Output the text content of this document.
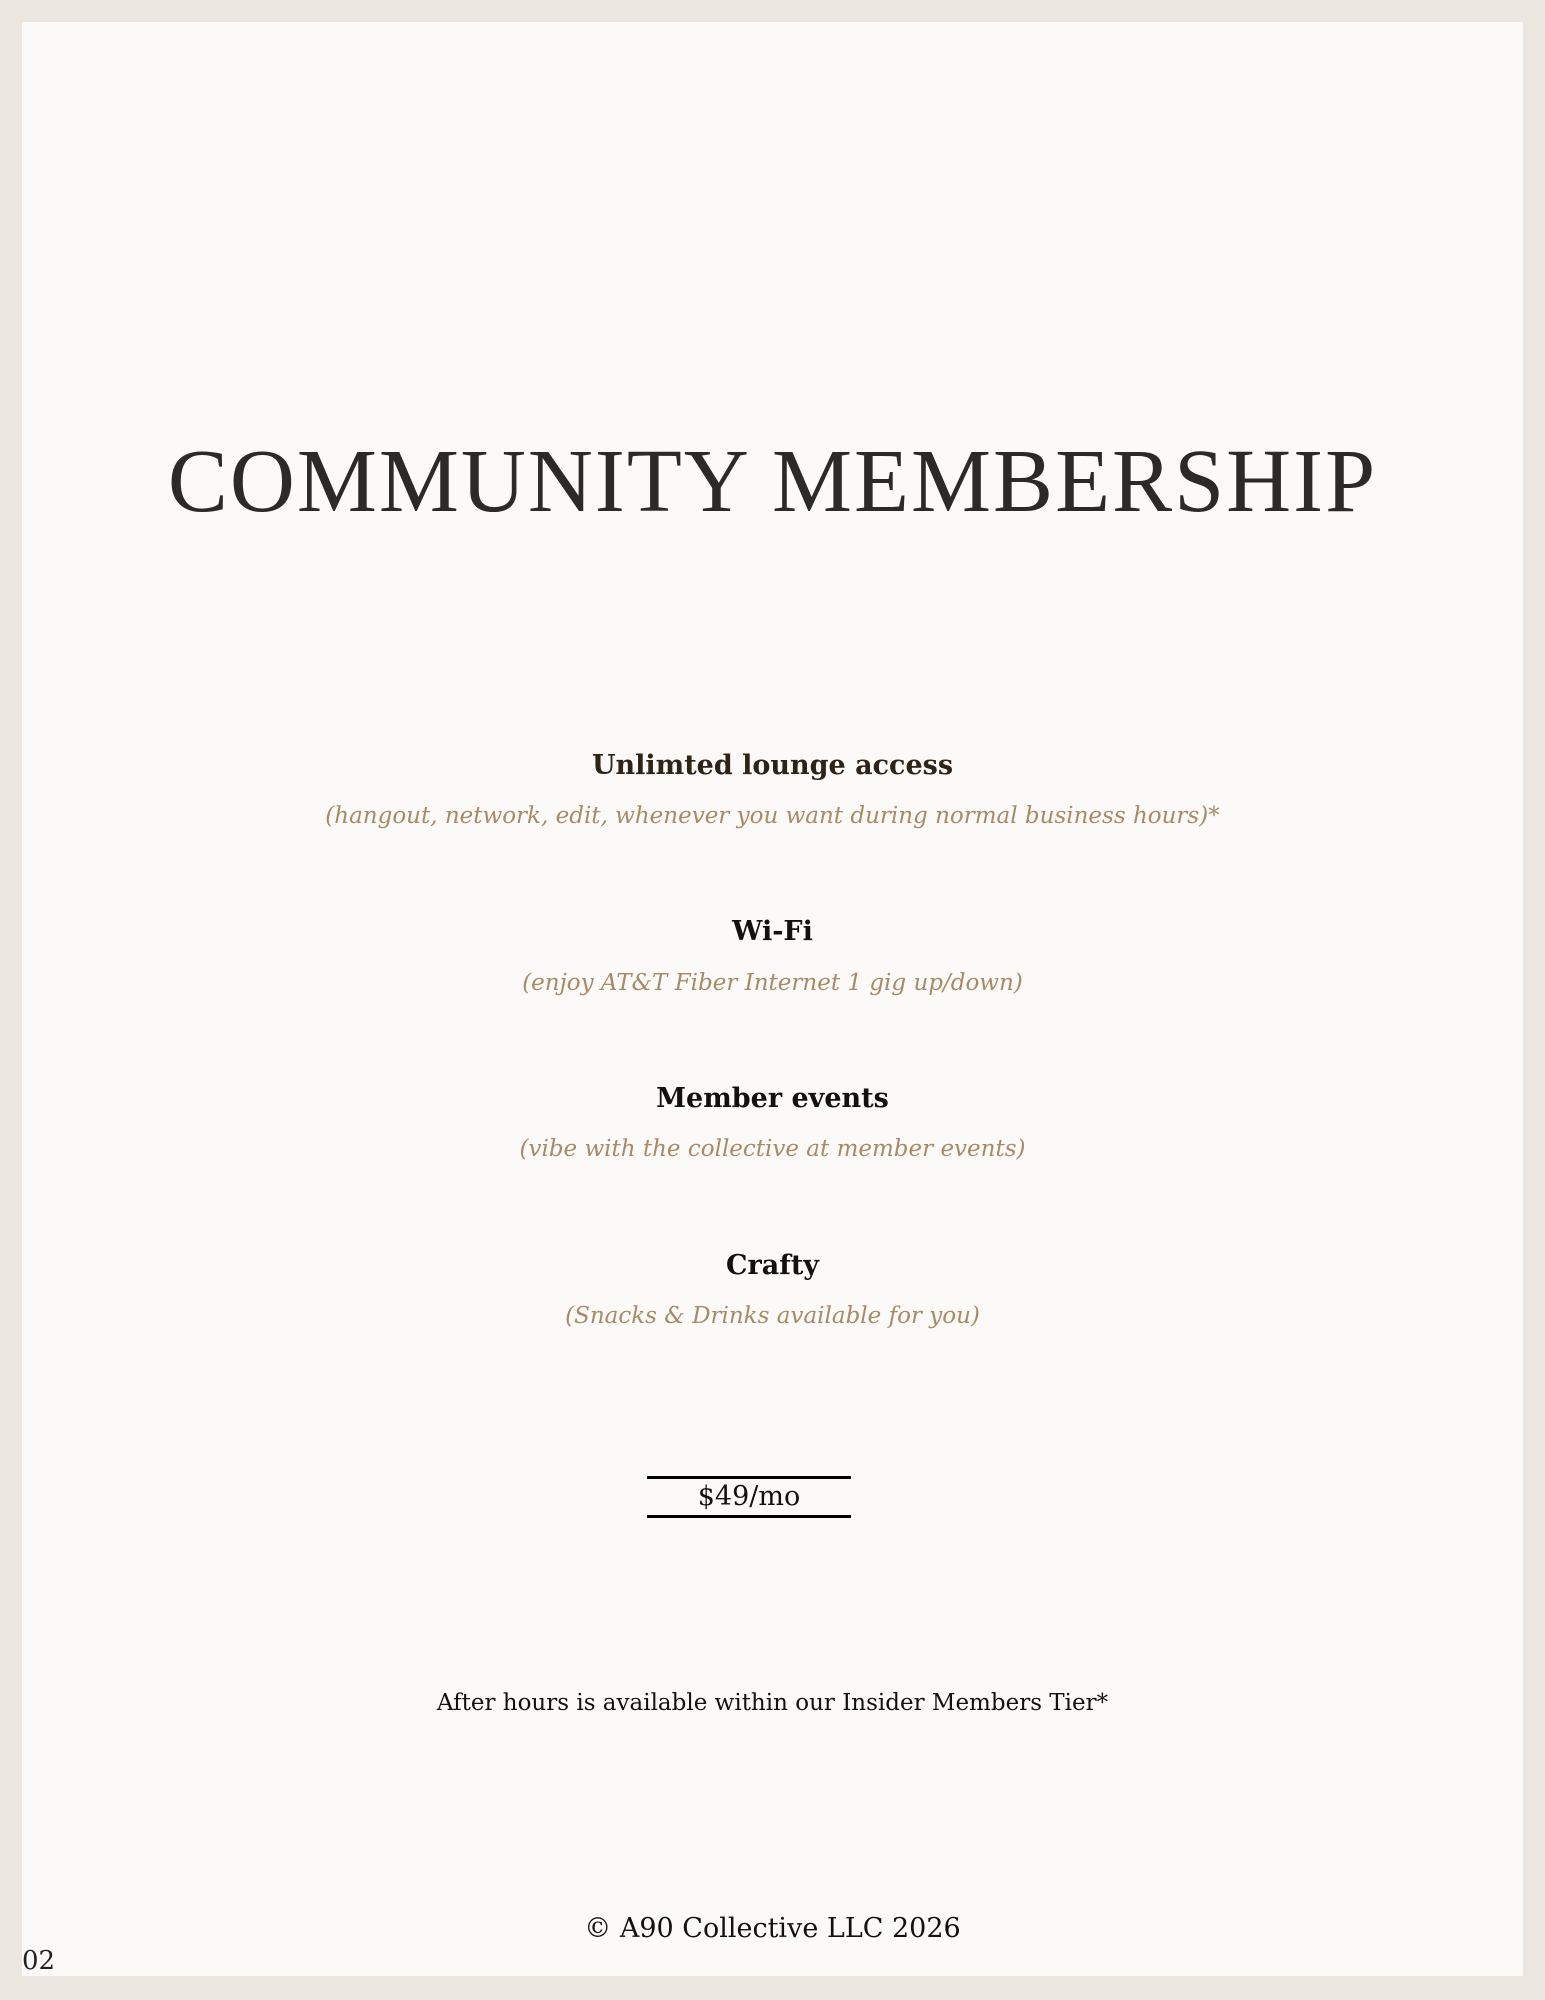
COMMUNITY MEMBERSHIP
Unlimted lounge access
(hangout, network, edit, whenever you want during normal business hours)*
Wi-Fi
(enjoy AT&T Fiber Internet 1 gig up/down)
Member events
(vibe with the collective at member events)
Crafty
(Snacks & Drinks available for you)
After hours is available within our Insider Members Tier*
© A90 Collective LLC 2026
$49/mo
02
